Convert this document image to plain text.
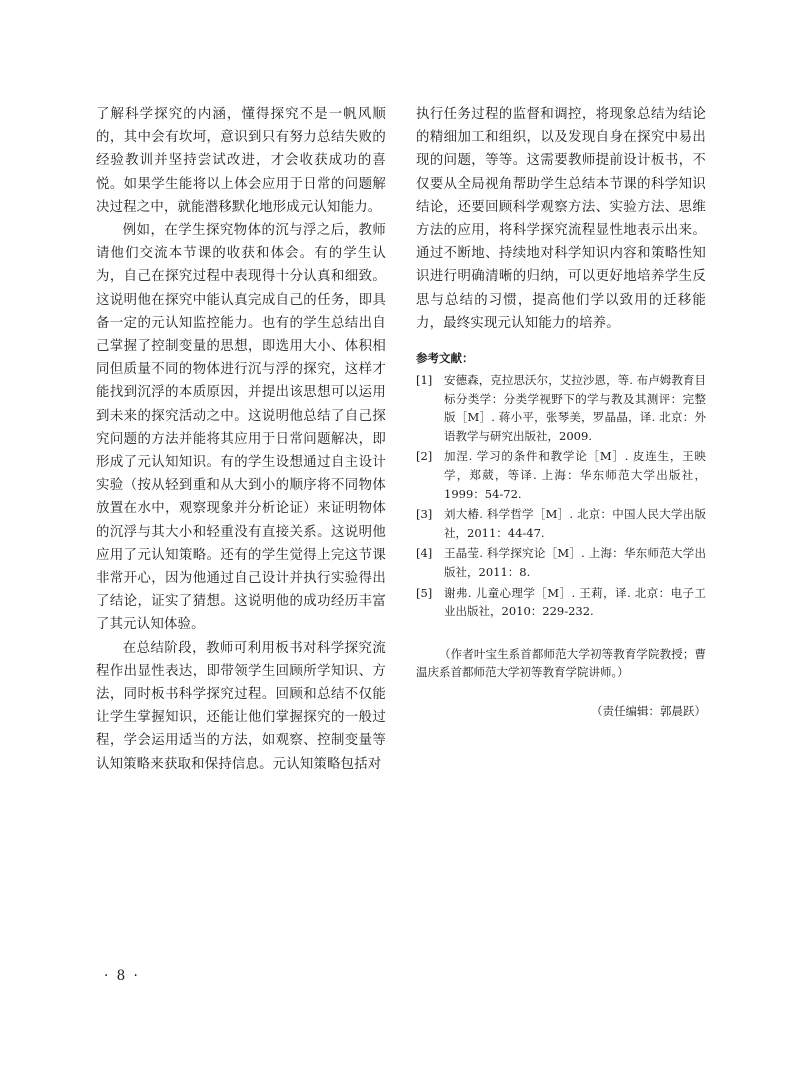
了解科学探究的内涵，懂得探究不是一帆风顺的，其中会有坎坷，意识到只有努力总结失败的经验教训并坚持尝试改进，才会收获成功的喜悦。如果学生能将以上体会应用于日常的问题解决过程之中，就能潜移默化地形成元认知能力。

例如，在学生探究物体的沉与浮之后，教师请他们交流本节课的收获和体会。有的学生认为，自己在探究过程中表现得十分认真和细致。这说明他在探究中能认真完成自己的任务，即具备一定的元认知监控能力。也有的学生总结出自己掌握了控制变量的思想，即选用大小、体积相同但质量不同的物体进行沉与浮的探究，这样才能找到沉浮的本质原因，并提出该思想可以运用到未来的探究活动之中。这说明他总结了自己探究问题的方法并能将其应用于日常问题解决，即形成了元认知知识。有的学生设想通过自主设计实验（按从轻到重和从大到小的顺序将不同物体放置在水中，观察现象并分析论证）来证明物体的沉浮与其大小和轻重没有直接关系。这说明他应用了元认知策略。还有的学生觉得上完这节课非常开心，因为他通过自己设计并执行实验得出了结论，证实了猜想。这说明他的成功经历丰富了其元认知体验。

在总结阶段，教师可利用板书对科学探究流程作出显性表达，即带领学生回顾所学知识、方法，同时板书科学探究过程。回顾和总结不仅能让学生掌握知识，还能让他们掌握探究的一般过程，学会运用适当的方法，如观察、控制变量等认知策略来获取和保持信息。元认知策略包括对

执行任务过程的监督和调控，将现象总结为结论的精细加工和组织，以及发现自身在探究中易出现的问题，等等。这需要教师提前设计板书，不仅要从全局视角帮助学生总结本节课的科学知识结论，还要回顾科学观察方法、实验方法、思维方法的应用，将科学探究流程显性地表示出来。通过不断地、持续地对科学知识内容和策略性知识进行明确清晰的归纳，可以更好地培养学生反思与总结的习惯，提高他们学以致用的迁移能力，最终实现元认知能力的培养。

参考文献：
[1]	安德森，克拉思沃尔，艾拉沙恩，等. 布卢姆教育目标分类学：分类学视野下的学与教及其测评：完整版［M］. 蒋小平，张琴美，罗晶晶，译. 北京：外语教学与研究出版社，2009.
[2]	加涅. 学习的条件和教学论［M］. 皮连生，王映学，郑葳，等译. 上海：华东师范大学出版社，1999：54-72.
[3]	刘大椿. 科学哲学［M］. 北京：中国人民大学出版社，2011：44-47.
[4]	王晶莹. 科学探究论［M］. 上海：华东师范大学出版社，2011：8.
[5]	谢弗. 儿童心理学［M］. 王莉，译. 北京：电子工业出版社，2010：229-232.

（作者叶宝生系首都师范大学初等教育学院教授；曹温庆系首都师范大学初等教育学院讲师。）

（责任编辑：郭晨跃）

· 8 ·
